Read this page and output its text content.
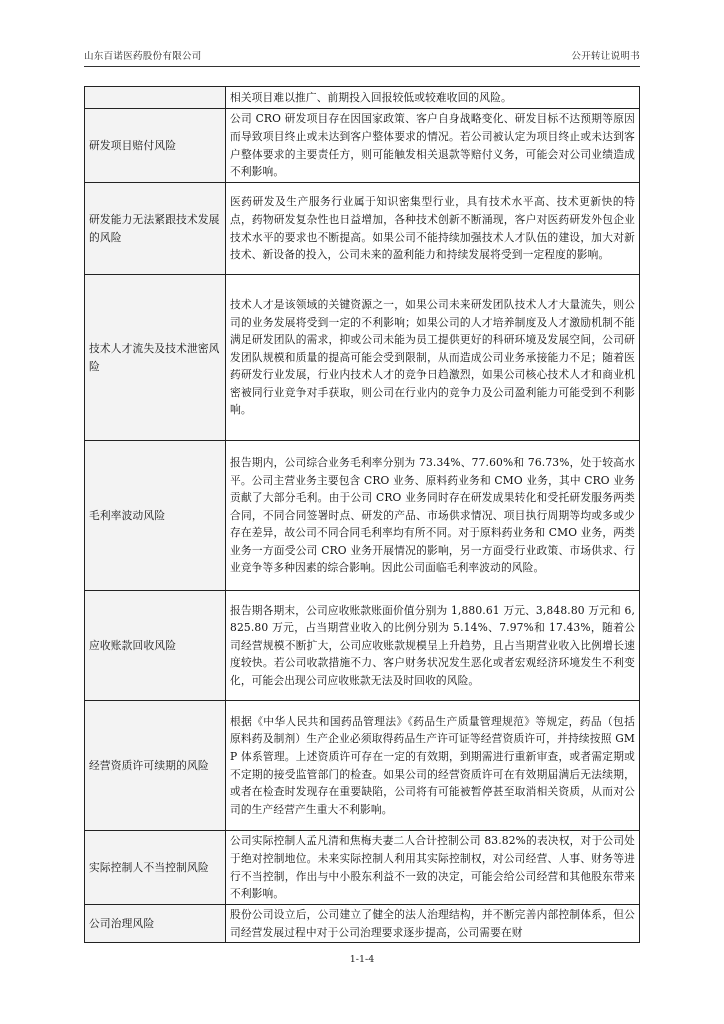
山东百诺医药股份有限公司	公开转让说明书
	相关项目难以推广、前期投入回报较低或较难收回的风险。
研发项目赔付风险	公司 CRO 研发项目存在因国家政策、客户自身战略变化、研发目标不达预期等原因而导致项目终止或未达到客户整体要求的情况。若公司被认定为项目终止或未达到客户整体要求的主要责任方，则可能触发相关退款等赔付义务，可能会对公司业绩造成不利影响。
研发能力无法紧跟技术发展的风险	医药研发及生产服务行业属于知识密集型行业，具有技术水平高、技术更新快的特点，药物研发复杂性也日益增加，各种技术创新不断涌现，客户对医药研发外包企业技术水平的要求也不断提高。如果公司不能持续加强技术人才队伍的建设，加大对新技术、新设备的投入，公司未来的盈利能力和持续发展将受到一定程度的影响。
技术人才流失及技术泄密风险	技术人才是该领域的关键资源之一，如果公司未来研发团队技术人才大量流失，则公司的业务发展将受到一定的不利影响；如果公司的人才培养制度及人才激励机制不能满足研发团队的需求，抑或公司未能为员工提供更好的科研环境及发展空间，公司研发团队规模和质量的提高可能会受到限制，从而造成公司业务承接能力不足；随着医药研发行业发展，行业内技术人才的竞争日趋激烈，如果公司核心技术人才和商业机密被同行业竞争对手获取，则公司在行业内的竞争力及公司盈利能力可能受到不利影响。
毛利率波动风险	报告期内，公司综合业务毛利率分别为 73.34%、77.60%和 76.73%，处于较高水平。公司主营业务主要包含 CRO 业务、原料药业务和 CMO 业务，其中 CRO 业务贡献了大部分毛利。由于公司 CRO 业务同时存在研发成果转化和受托研发服务两类合同，不同合同签署时点、研发的产品、市场供求情况、项目执行周期等均或多或少存在差异，故公司不同合同毛利率均有所不同。对于原料药业务和 CMO 业务，两类业务一方面受公司 CRO 业务开展情况的影响，另一方面受行业政策、市场供求、行业竞争等多种因素的综合影响。因此公司面临毛利率波动的风险。
应收账款回收风险	报告期各期末，公司应收账款账面价值分别为 1,880.61 万元、3,848.80 万元和 6,825.80 万元，占当期营业收入的比例分别为 5.14%、7.97%和 17.43%，随着公司经营规模不断扩大，公司应收账款规模呈上升趋势，且占当期营业收入比例增长速度较快。若公司收款措施不力、客户财务状况发生恶化或者宏观经济环境发生不利变化，可能会出现公司应收账款无法及时回收的风险。
经营资质许可续期的风险	根据《中华人民共和国药品管理法》《药品生产质量管理规范》等规定，药品（包括原料药及制剂）生产企业必须取得药品生产许可证等经营资质许可，并持续按照 GMP 体系管理。上述资质许可存在一定的有效期，到期需进行重新审查，或者需定期或不定期的接受监管部门的检查。如果公司的经营资质许可在有效期届满后无法续期，或者在检查时发现存在重要缺陷，公司将有可能被暂停甚至取消相关资质，从而对公司的生产经营产生重大不利影响。
实际控制人不当控制风险	公司实际控制人孟凡清和焦梅夫妻二人合计控制公司 83.82%的表决权，对于公司处于绝对控制地位。未来实际控制人利用其实际控制权，对公司经营、人事、财务等进行不当控制，作出与中小股东利益不一致的决定，可能会给公司经营和其他股东带来不利影响。
公司治理风险	股份公司设立后，公司建立了健全的法人治理结构，并不断完善内部控制体系，但公司经营发展过程中对于公司治理要求逐步提高，公司需要在财
1-1-4
